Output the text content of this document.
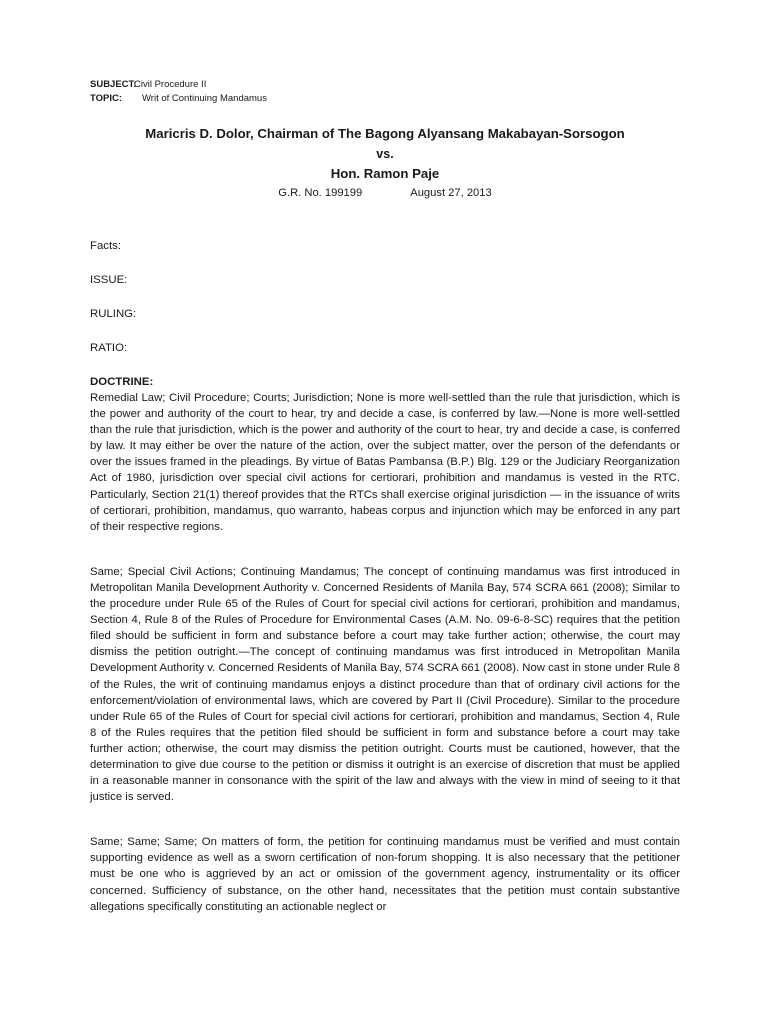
SUBJECT:
Civil Procedure II
TOPIC:	Writ of Continuing Mandamus
Maricris D. Dolor, Chairman of The Bagong Alyansang Makabayan-Sorsogon
vs.
Hon. Ramon Paje
G.R. No. 199199	August 27, 2013
Facts:
ISSUE:
RULING:
RATIO:
DOCTRINE:

Remedial Law; Civil Procedure; Courts; Jurisdiction; None is more well-settled than the rule that jurisdiction, which is the power and authority of the court to hear, try and decide a case, is conferred by law.—None is more well-settled than the rule that jurisdiction, which is the power and authority of the court to hear, try and decide a case, is conferred by law. It may either be over the nature of the action, over the subject matter, over the person of the defendants or over the issues framed in the pleadings. By virtue of Batas Pambansa (B.P.) Blg. 129 or the Judiciary Reorganization Act of 1980, jurisdiction over special civil actions for certiorari, prohibition and mandamus is vested in the RTC. Particularly, Section 21(1) thereof provides that the RTCs shall exercise original jurisdiction — in the issuance of writs of certiorari, prohibition, mandamus, quo warranto, habeas corpus and injunction which may be enforced in any part of their respective regions.

Same; Special Civil Actions; Continuing Mandamus; The concept of continuing mandamus was first introduced in Metropolitan Manila Development Authority v. Concerned Residents of Manila Bay, 574 SCRA 661 (2008); Similar to the procedure under Rule 65 of the Rules of Court for special civil actions for certiorari, prohibition and mandamus, Section 4, Rule 8 of the Rules of Procedure for Environmental Cases (A.M. No. 09-6-8-SC) requires that the petition filed should be sufficient in form and substance before a court may take further action; otherwise, the court may dismiss the petition outright.—The concept of continuing mandamus was first introduced in Metropolitan Manila Development Authority v. Concerned Residents of Manila Bay, 574 SCRA 661 (2008). Now cast in stone under Rule 8 of the Rules, the writ of continuing mandamus enjoys a distinct procedure than that of ordinary civil actions for the enforcement/violation of environmental laws, which are covered by Part II (Civil Procedure). Similar to the procedure under Rule 65 of the Rules of Court for special civil actions for certiorari, prohibition and mandamus, Section 4, Rule 8 of the Rules requires that the petition filed should be sufficient in form and substance before a court may take further action; otherwise, the court may dismiss the petition outright. Courts must be cautioned, however, that the determination to give due course to the petition or dismiss it outright is an exercise of discretion that must be applied in a reasonable manner in consonance with the spirit of the law and always with the view in mind of seeing to it that justice is served.

Same; Same; Same; On matters of form, the petition for continuing mandamus must be verified and must contain supporting evidence as well as a sworn certification of non-forum shopping. It is also necessary that the petitioner must be one who is aggrieved by an act or omission of the government agency, instrumentality or its officer concerned. Sufficiency of substance, on the other hand, necessitates that the petition must contain substantive allegations specifically constituting an actionable neglect or
